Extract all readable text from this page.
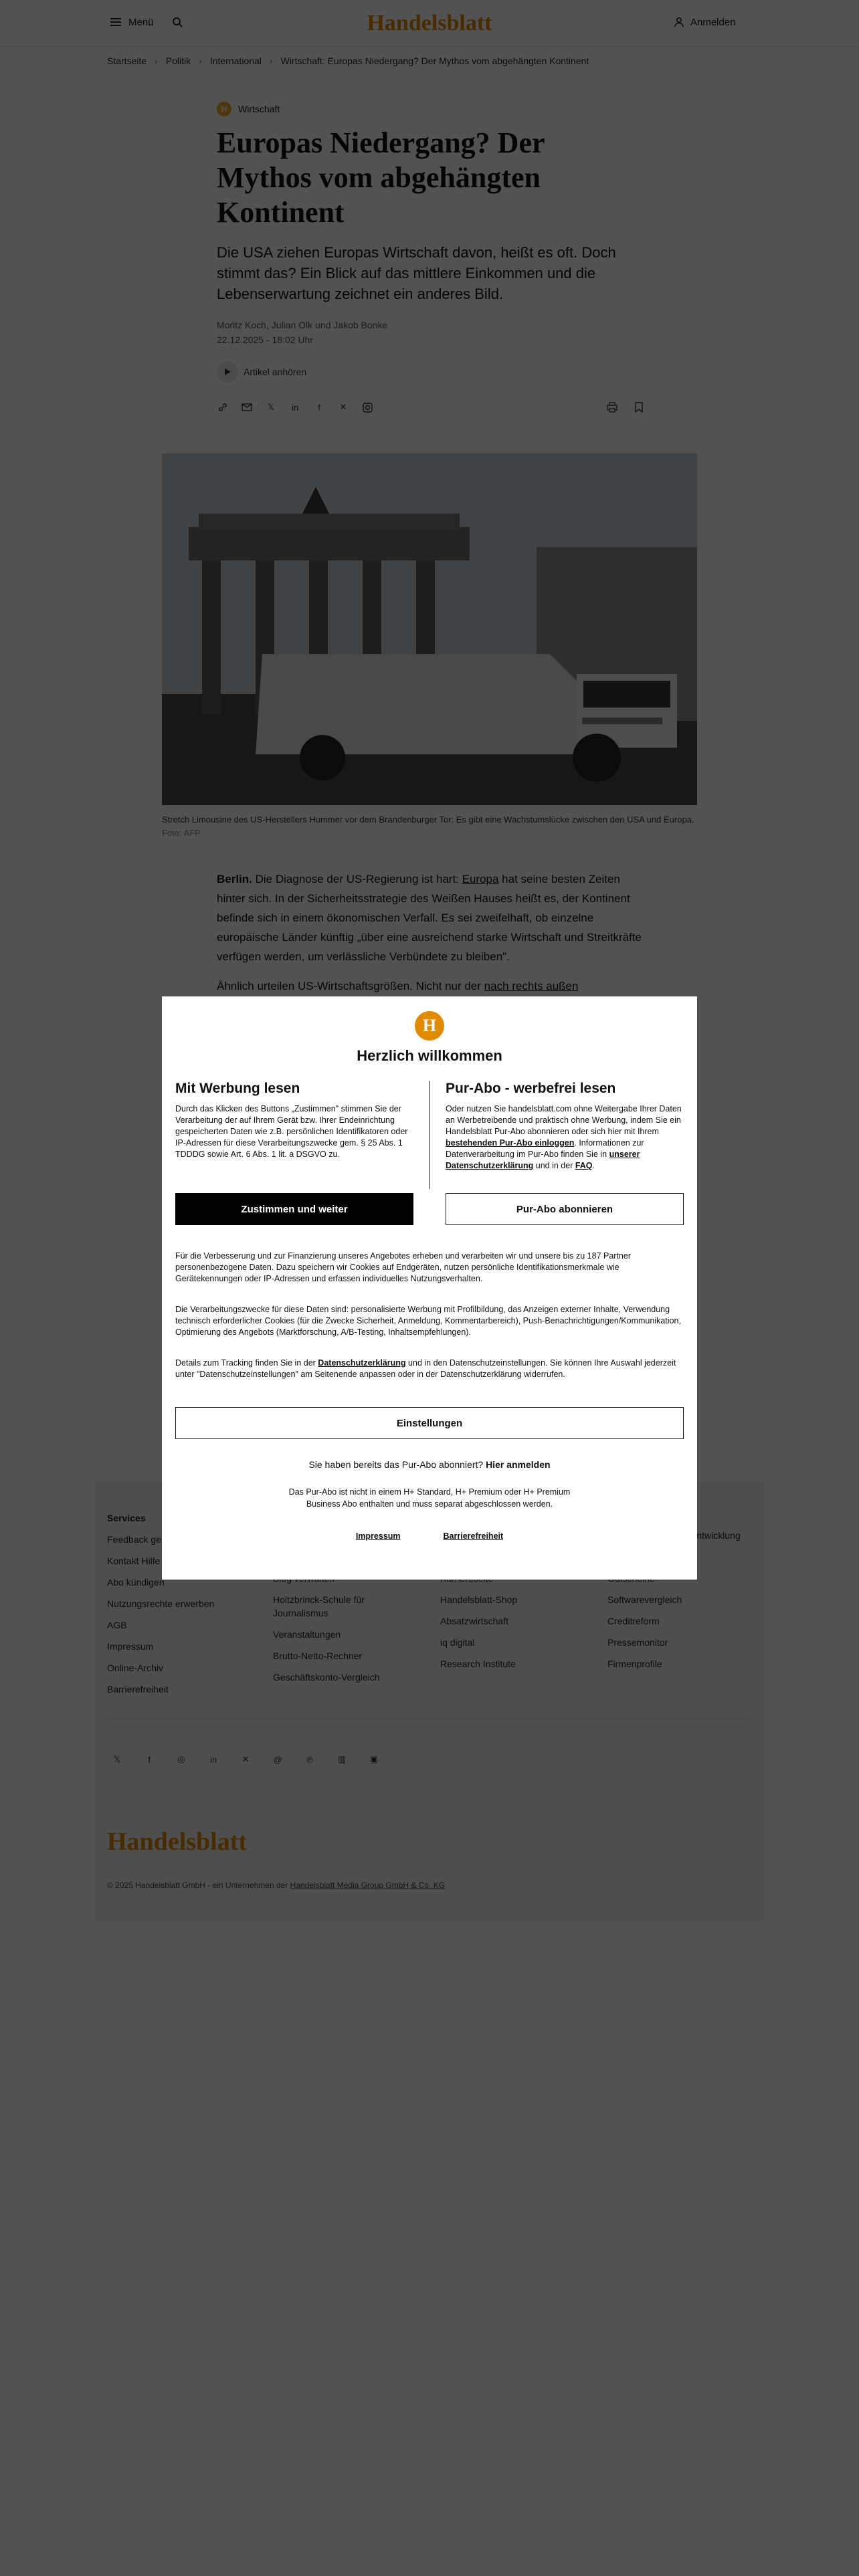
H
Herzlich willkommen
Mit Werbung lesen

Durch das Klicken des Buttons „Zustimmen" stimmen Sie der Verarbeitung der auf Ihrem Gerät bzw. Ihrer Endeinrichtung gespeicherten Daten wie z.B. persönlichen Identifikatoren oder IP-Adressen für diese Verarbeitungszwecke gem. § 25 Abs. 1 TDDDG sowie Art. 6 Abs. 1 lit. a DSGVO zu.

Zustimmen und weiter
Pur-Abo - werbefrei lesen

Oder nutzen Sie handelsblatt.com ohne Weitergabe Ihrer Daten an Werbetreibende und praktisch ohne Werbung, indem Sie ein Handelsblatt Pur-Abo abonnieren oder sich hier mit Ihrem bestehenden Pur-Abo einloggen. Informationen zur Datenverarbeitung im Pur-Abo finden Sie in unserer Datenschutzerklärung und in der FAQ.

Pur-Abo abonnieren
Für die Verbesserung und zur Finanzierung unseres Angebotes erheben und verarbeiten wir und unsere bis zu 187 Partner personenbezogene Daten. Dazu speichern wir Cookies auf Endgeräten, nutzen persönliche Identifikationsmerkmale wie Gerätekennungen oder IP-Adressen und erfassen individuelles Nutzungsverhalten.
Die Verarbeitungszwecke für diese Daten sind: personalisierte Werbung mit Profilbildung, das Anzeigen externer Inhalte, Verwendung technisch erforderlicher Cookies (für die Zwecke Sicherheit, Anmeldung, Kommentarbereich), Push-Benachrichtigungen/Kommunikation, Optimierung des Angebots (Marktforschung, A/B-Testing, Inhaltsempfehlungen).
Details zum Tracking finden Sie in der Datenschutzerklärung und in den Datenschutzeinstellungen. Sie können Ihre Auswahl jederzeit unter "Datenschutzeinstellungen" am Seitenende anpassen oder in der Datenschutzerklärung widerrufen.
Einstellungen
Sie haben bereits das Pur-Abo abonniert? Hier anmelden
Das Pur-Abo ist nicht in einem H+ Standard, H+ Premium oder H+ Premium Business Abo enthalten und muss separat abgeschlossen werden.
Impressum	Barrierefreiheit
